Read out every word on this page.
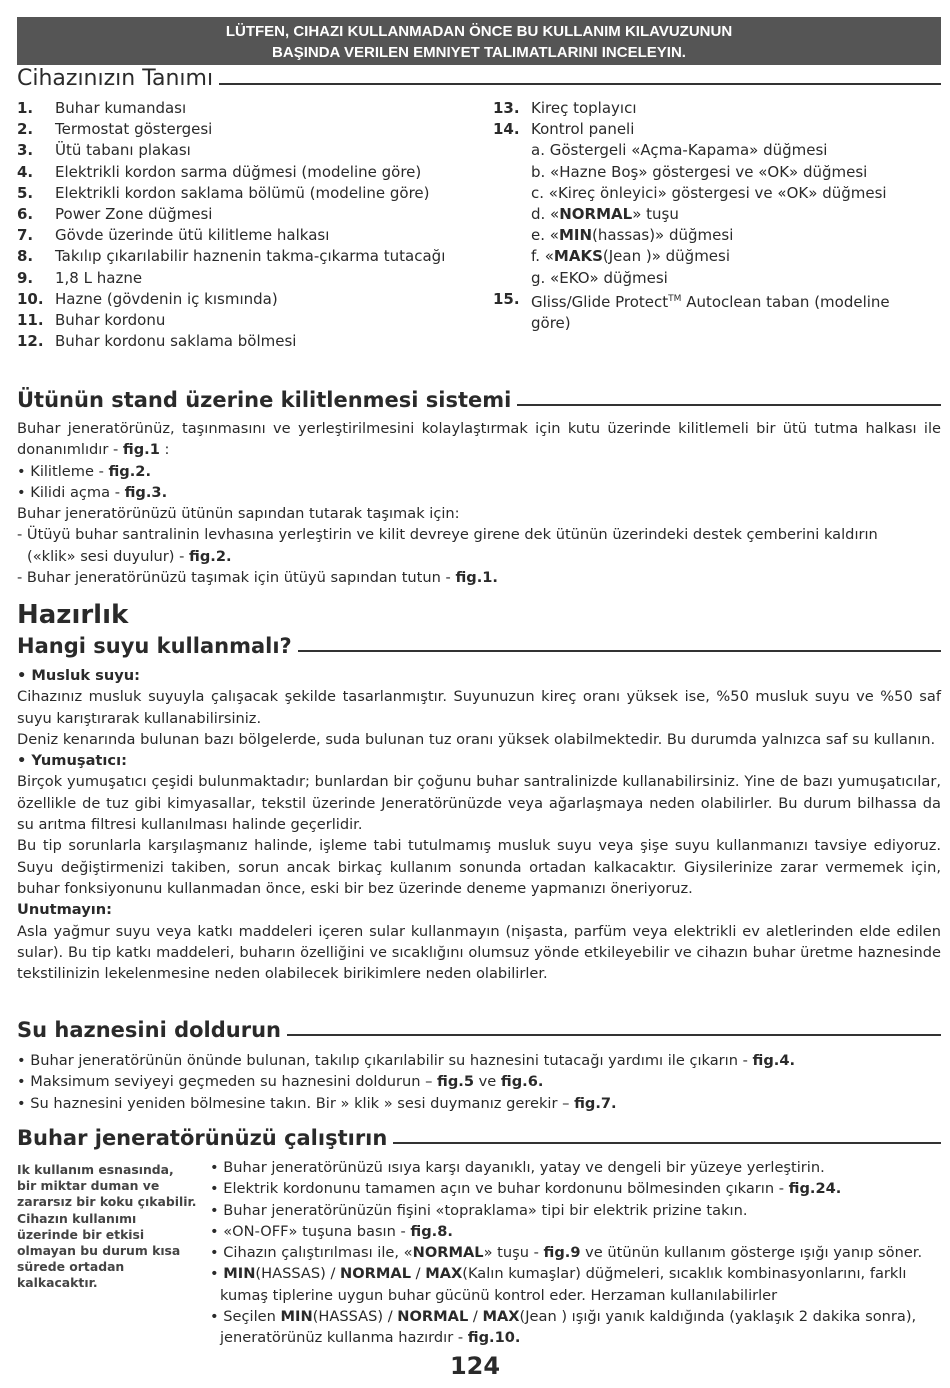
LÜTFEN, CIHAZI KULLANMADAN ÖNCE BU KULLANIM KILAVUZUNUN
BAŞINDA VERILEN EMNIYET TALIMATLARINI INCELEYIN.
Cihazınızın Tanımı
1.	Buhar kumandası
2.	Termostat göstergesi
3.	Ütü tabanı plakası
4.	Elektrikli kordon sarma düğmesi (modeline göre)
5.	Elektrikli kordon saklama bölümü (modeline göre)
6.	Power Zone düğmesi
7.	Gövde üzerinde ütü kilitleme halkası
8.	Takılıp çıkarılabilir haznenin takma-çıkarma tutacağı
9.	1,8 L hazne
10. Hazne (gövdenin iç kısmında)
11. Buhar kordonu
12. Buhar kordonu saklama bölmesi
13. Kireç toplayıcı
14. Kontrol paneli
a. Göstergeli «Açma-Kapama» düğmesi
b. «Hazne Boş» göstergesi ve «OK» düğmesi
c. «Kireç önleyici» göstergesi ve «OK» düğmesi
d. «NORMAL» tuşu
e. «MIN(hassas)» düğmesi
f. «MAKS(Jean )» düğmesi
g. «EKO» düğmesi
15. Gliss/Glide Protect™ Autoclean taban (modeline
göre)
Ütünün stand üzerine kilitlenmesi sistemi

Buhar jeneratörünüz, taşınmasını ve yerleştirilmesini kolaylaştırmak için kutu üzerinde kilitlemeli bir ütü tutma halkası ile donanımlıdır - fig.1 :

• Kilitleme - fig.2.

• Kilidi açma - fig.3.

Buhar jeneratörünüzü ütünün sapından tutarak taşımak için:

- Ütüyü buhar santralinin levhasına yerleştirin ve kilit devreye girene dek ütünün üzerindeki destek çemberini kaldırın

(«klik» sesi duyulur) - fig.2.

- Buhar jeneratörünüzü taşımak için ütüyü sapından tutun - fig.1.

Hazırlık
Hangi suyu kullanmalı?

• Musluk suyu:

Cihazınız musluk suyuyla çalışacak şekilde tasarlanmıştır. Suyunuzun kireç oranı yüksek ise, %50 musluk suyu ve %50 saf suyu karıştırarak kullanabilirsiniz.

Deniz kenarında bulunan bazı bölgelerde, suda bulunan tuz oranı yüksek olabilmektedir. Bu durumda yalnızca saf su kullanın.

• Yumuşatıcı:

Birçok yumuşatıcı çeşidi bulunmaktadır; bunlardan bir çoğunu buhar santralinizde kullanabilirsiniz. Yine de bazı yumuşatıcılar, özellikle de tuz gibi kimyasallar, tekstil üzerinde Jeneratörünüzde veya ağarlaşmaya neden olabilirler. Bu durum bilhassa da su arıtma filtresi kullanılması halinde geçerlidir.

Bu tip sorunlarla karşılaşmanız halinde, işleme tabi tutulmamış musluk suyu veya şişe suyu kullanmanızı tavsiye ediyoruz. Suyu değiştirmenizi takiben, sorun ancak birkaç kullanım sonunda ortadan kalkacaktır. Giysilerinize zarar vermemek için, buhar fonksiyonunu kullanmadan önce, eski bir bez üzerinde deneme yapmanızı öneriyoruz.

Unutmayın:

Asla yağmur suyu veya katkı maddeleri içeren sular kullanmayın (nişasta, parfüm veya elektrikli ev aletlerinden elde edilen sular). Bu tip katkı maddeleri, buharın özelliğini ve sıcaklığını olumsuz yönde etkileyebilir ve cihazın buhar üretme haznesinde tekstilinizin lekelenmesine neden olabilecek birikimlere neden olabilirler.

Su haznesini doldurun

• Buhar jeneratörünün önünde bulunan, takılıp çıkarılabilir su haznesini tutacağı yardımı ile çıkarın - fig.4.

• Maksimum seviyeyi geçmeden su haznesini doldurun – fig.5 ve fig.6.

• Su haznesini yeniden bölmesine takın. Bir » klik » sesi duymanız gerekir – fig.7.

Buhar jeneratörünüzü çalıştırın
Ik kullanım esnasında, bir miktar duman ve zararsız bir koku çıkabilir. Cihazın kullanımı üzerinde bir etkisi olmayan bu durum kısa sürede ortadan kalkacaktır.

• Buhar jeneratörünüzü ısıya karşı dayanıklı, yatay ve dengeli bir yüzeye yerleştirin.

• Elektrik kordonunu tamamen açın ve buhar kordonunu bölmesinden çıkarın - fig.24.

• Buhar jeneratörünüzün fişini «topraklama» tipi bir elektrik prizine takın.

• «ON-OFF» tuşuna basın - fig.8.

• Cihazın çalıştırılması ile, «NORMAL» tuşu - fig.9 ve ütünün kullanım gösterge ışığı yanıp söner.

• MIN(HASSAS) / NORMAL / MAX(Kalın kumaşlar) düğmeleri, sıcaklık kombinasyonlarını, farklı

kumaş tiplerine uygun buhar gücünü kontrol eder. Herzaman kullanılabilirler

• Seçilen MIN(HASSAS) / NORMAL / MAX(Jean ) ışığı yanık kaldığında (yaklaşık 2 dakika sonra),

jeneratörünüz kullanma hazırdır - fig.10.

124
